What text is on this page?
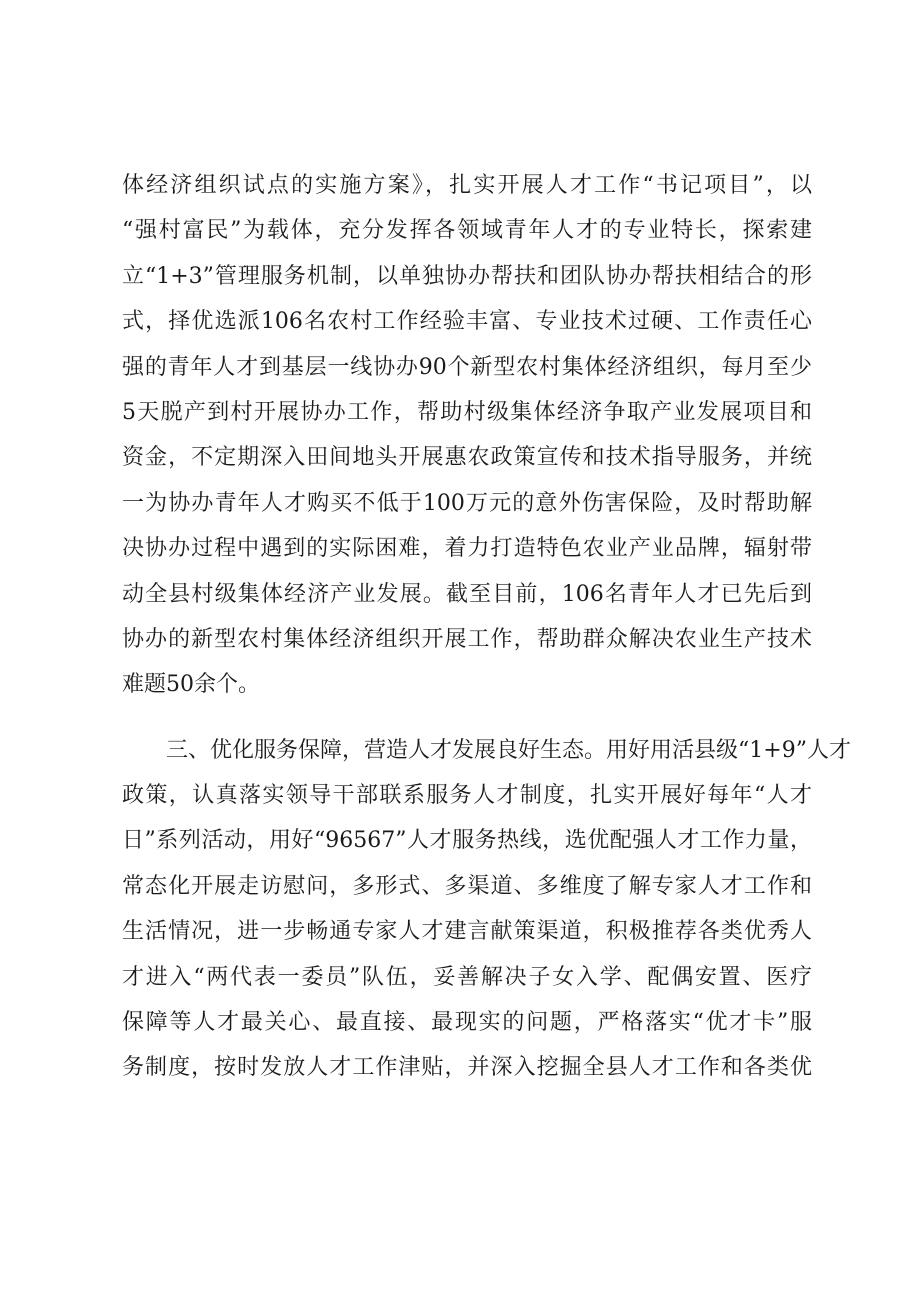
体经济组织试点的实施方案》，扎实开展人才工作“书记项目”，以
“强村富民”为载体，充分发挥各领域青年人才的专业特长，探索建
立“1+3”管理服务机制，以单独协办帮扶和团队协办帮扶相结合的形
式，择优选派106名农村工作经验丰富、专业技术过硬、工作责任心
强的青年人才到基层一线协办90个新型农村集体经济组织，每月至少
5天脱产到村开展协办工作，帮助村级集体经济争取产业发展项目和
资金，不定期深入田间地头开展惠农政策宣传和技术指导服务，并统
一为协办青年人才购买不低于100万元的意外伤害保险，及时帮助解
决协办过程中遇到的实际困难，着力打造特色农业产业品牌，辐射带
动全县村级集体经济产业发展。截至目前，106名青年人才已先后到
协办的新型农村集体经济组织开展工作，帮助群众解决农业生产技术
难题50余个。
三、优化服务保障，营造人才发展良好生态。用好用活县级“1+9”人才
政策，认真落实领导干部联系服务人才制度，扎实开展好每年“人才
日”系列活动，用好“96567”人才服务热线，选优配强人才工作力量，
常态化开展走访慰问，多形式、多渠道、多维度了解专家人才工作和
生活情况，进一步畅通专家人才建言献策渠道，积极推荐各类优秀人
才进入“两代表一委员”队伍，妥善解决子女入学、配偶安置、医疗
保障等人才最关心、最直接、最现实的问题，严格落实“优才卡”服
务制度，按时发放人才工作津贴，并深入挖掘全县人才工作和各类优
